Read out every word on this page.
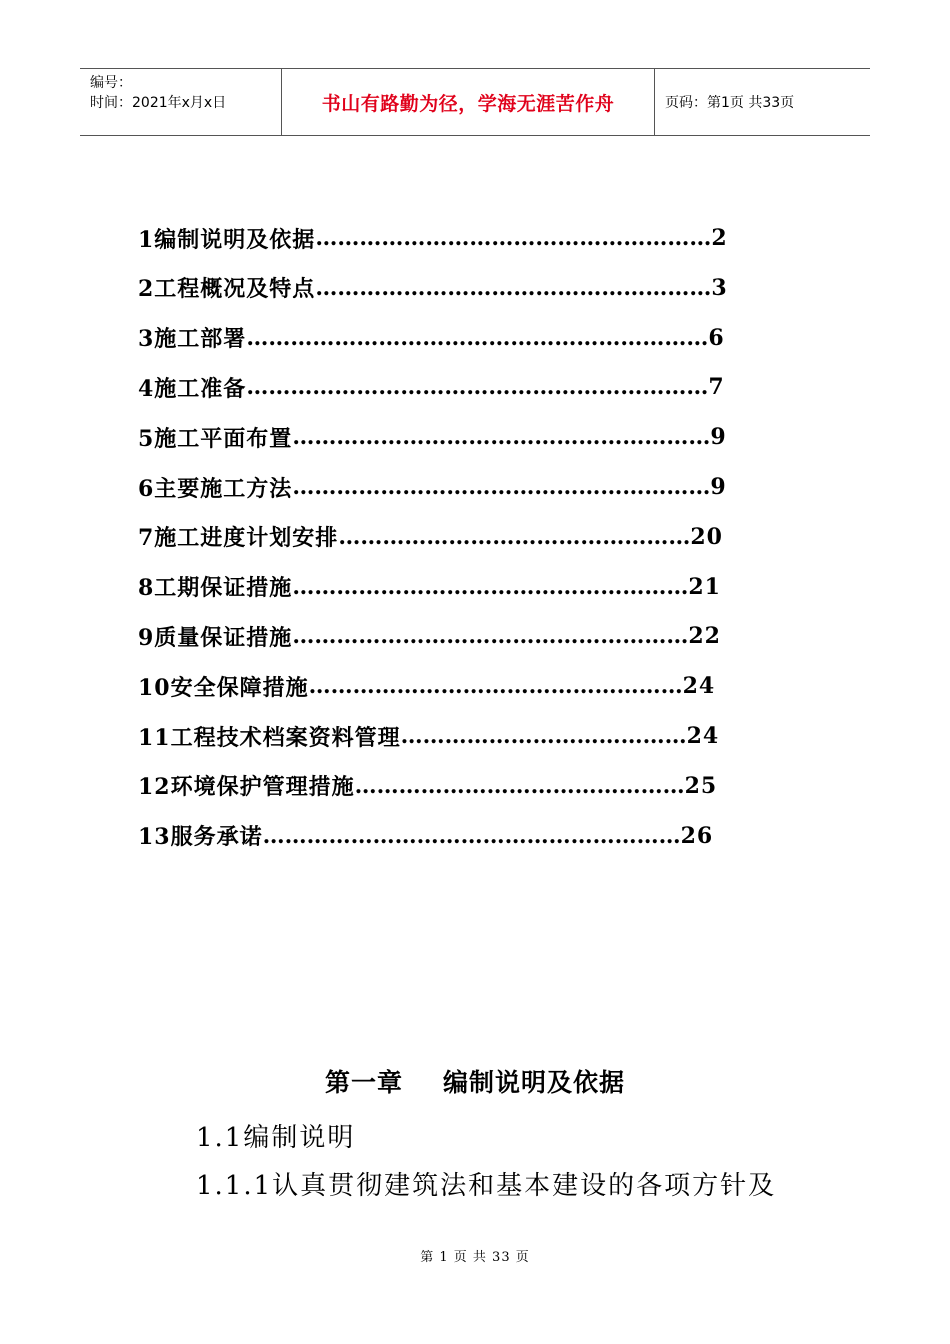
编号：
时间：2021年x月x日	书山有路勤为径，学海无涯苦作舟	页码：第1页 共33页
1编制说明及依据 ……………………………………………… 2
2工程概况及特点 ……………………………………………… 3
3施工部署 ……………………………………………………… 6
4施工准备 ……………………………………………………… 7
5施工平面布置 ………………………………………………… 9
6主要施工方法 ………………………………………………… 9
7施工进度计划安排 ………………………………………… 20
8工期保证措施 ……………………………………………… 21
9质量保证措施 ……………………………………………… 22
10安全保障措施 …………………………………………… 24
11工程技术档案资料管理 ………………………………… 24
12环境保护管理措施 ……………………………………… 25
13服务承诺 ………………………………………………… 26
第一章 编制说明及依据
1.1编制说明
1.1.1认真贯彻建筑法和基本建设的各项方针及
第 1 页 共 33 页
